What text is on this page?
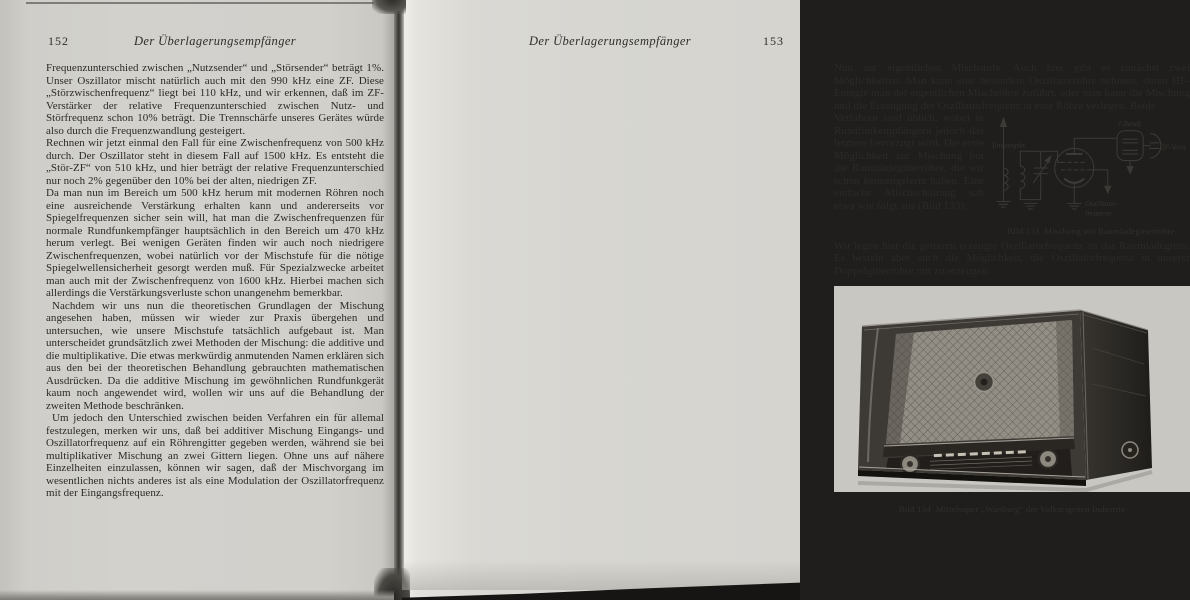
152	Der Überlagerungsempfänger

Frequenzunterschied zwischen „Nutzsender“ und „Störsender“ beträgt 1%. Unser Oszillator mischt natürlich auch mit den 990 kHz eine ZF. Diese „Störzwischenfrequenz“ liegt bei 110 kHz, und wir erkennen, daß im ZF-Verstärker der relative Frequenzunterschied zwischen Nutz- und Störfrequenz schon 10% beträgt. Die Trennschärfe unseres Gerätes würde also durch die Frequenzwandlung gesteigert.

Rechnen wir jetzt einmal den Fall für eine Zwischenfrequenz von 500 kHz durch. Der Oszillator steht in diesem Fall auf 1500 kHz. Es entsteht die „Stör-ZF“ von 510 kHz, und hier beträgt der relative Frequenzunterschied nur noch 2% gegenüber den 10% bei der alten, niedrigen ZF.

Da man nun im Bereich um 500 kHz herum mit modernen Röhren noch eine ausreichende Verstärkung erhalten kann und andererseits vor Spiegelfrequenzen sicher sein will, hat man die Zwischenfrequenzen für normale Rundfunkempfänger hauptsächlich in den Bereich um 470 kHz herum verlegt. Bei wenigen Geräten finden wir auch noch niedrigere Zwischenfrequenzen, wobei natürlich vor der Mischstufe für die nötige Spiegelwellensicherheit gesorgt werden muß. Für Spezialzwecke arbeitet man auch mit der Zwischenfrequenz von 1600 kHz. Hierbei machen sich allerdings die Verstärkungsverluste schon unangenehm bemerkbar.

Nachdem wir uns nun die theoretischen Grundlagen der Mischung angesehen haben, müssen wir wieder zur Praxis übergehen und untersuchen, wie unsere Mischstufe tatsächlich aufgebaut ist. Man unterscheidet grundsätzlich zwei Methoden der Mischung: die additive und die multiplikative. Die etwas merkwürdig anmutenden Namen erklären sich aus den bei der theoretischen Behandlung gebrauchten mathematischen Ausdrücken. Da die additive Mischung im gewöhnlichen Rundfunkgerät kaum noch angewendet wird, wollen wir uns auf die Behandlung der zweiten Methode beschränken.

Um jedoch den Unterschied zwischen beiden Verfahren ein für allemal festzulegen, merken wir uns, daß bei additiver Mischung Eingangs- und Oszillatorfrequenz auf ein Röhrengitter gegeben werden, während sie bei multiplikativer Mischung an zwei Gittern liegen. Ohne uns auf nähere Einzelheiten einzulassen, können wir sagen, daß der Mischvorgang im wesentlichen nichts anderes ist als eine Modulation der Oszillatorfrequenz mit der Eingangsfrequenz.

Der Überlagerungsempfänger	153

Nun zur eigentlichen Mischstufe. Auch hier gibt es zunächst zwei Möglichkeiten: Man kann eine besondere Oszillatorröhre nehmen, deren HF-Energie man der eigentlichen Mischröhre zuführt, oder man kann die Mischung und die Erzeugung der Oszillatorfrequenz in eine Röhre verlegen. Beide

Eingangskr.
1.Bandf.
ZF-Verst.
Oszillator-
frequenz
Bild 133  Mischung mit Raumladegitterröhre

Verfahren sind üblich, wobei in Rundfunkempfängern jedoch das letztere bevorzugt wird. Die erste Möglichkeit zur Mischung bot die Raumladegitterröhre, die wir schon kennengelernt haben. Eine einfache Mischschaltung sah etwa wie folgt aus (Bild 133):

Wir legen hier die getrennt erzeugte Oszillatorfrequenz an das Raumladegitter. Es besteht aber auch die Möglichkeit, die Oszillatorfrequenz in unserer Doppelgitterröhre mit zu erzeugen.

Bild 134  Mittelsuper „Wartburg“ der Volkseigenen Industrie
